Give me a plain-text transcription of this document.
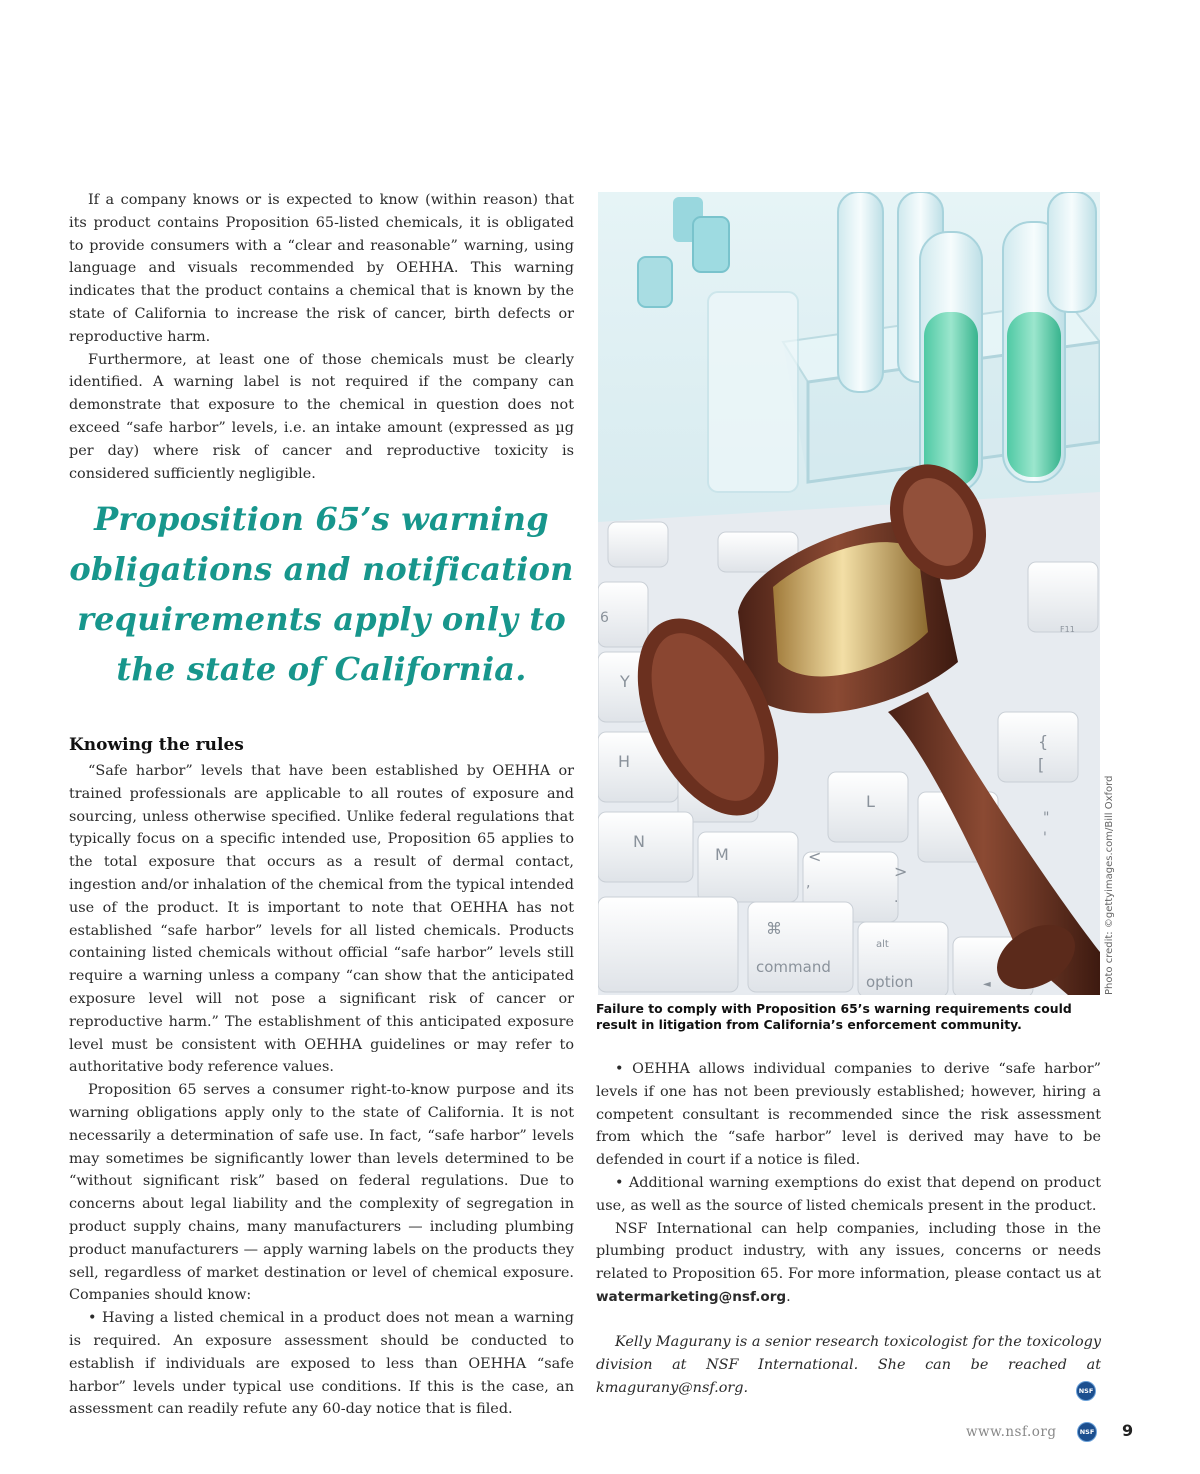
If a company knows or is expected to know (within reason) that its product contains Proposition 65-listed chemicals, it is obligated to provide consumers with a “clear and reasonable” warning, using language and visuals recommended by OEHHA. This warning indicates that the product contains a chemical that is known by the state of California to increase the risk of cancer, birth defects or reproductive harm.

Furthermore, at least one of those chemicals must be clearly identified. A warning label is not required if the company can demonstrate that exposure to the chemical in question does not exceed “safe harbor” levels, i.e. an intake amount (expressed as µg per day) where risk of cancer and reproductive toxicity is considered sufficiently negligible.

Proposition 65’s warning obligations and notification requirements apply only to the state of California.
Knowing the rules

“Safe harbor” levels that have been established by OEHHA or trained professionals are applicable to all routes of exposure and sourcing, unless otherwise specified. Unlike federal regulations that typically focus on a specific intended use, Proposition 65 applies to the total exposure that occurs as a result of dermal contact, ingestion and/or inhalation of the chemical from the typical intended use of the product. It is important to note that OEHHA has not established “safe harbor” levels for all listed chemicals. Products containing listed chemicals without official “safe harbor” levels still require a warning unless a company “can show that the anticipated exposure level will not pose a significant risk of cancer or reproductive harm.” The establishment of this anticipated exposure level must be consistent with OEHHA guidelines or may refer to authoritative body reference values.

Proposition 65 serves a consumer right-to-know purpose and its warning obligations apply only to the state of California. It is not necessarily a determination of safe use. In fact, “safe harbor” levels may sometimes be significantly lower than levels determined to be “without significant risk” based on federal regulations. Due to concerns about legal liability and the complexity of segregation in product supply chains, many manufacturers — including plumbing product manufacturers — apply warning labels on the products they sell, regardless of market destination or level of chemical exposure. Companies should know:

• Having a listed chemical in a product does not mean a warning is required. An exposure assessment should be conducted to establish if individuals are exposed to less than OEHHA “safe harbor” levels under typical use conditions. If this is the case, an assessment can readily refute any 60-day notice that is filed.

Y
6
H
L
N
M	<
,
>
.
"
'
{
[
F11
⌘
command
alt
option	◄	Photo credit: ©gettyimages.com/Bill Oxford
Failure to comply with Proposition 65’s warning requirements could result in litigation from California’s enforcement community.

• OEHHA allows individual companies to derive “safe harbor” levels if one has not been previously established; however, hiring a competent consultant is recommended since the risk assessment from which the “safe harbor” level is derived may have to be defended in court if a notice is filed.

• Additional warning exemptions do exist that depend on product use, as well as the source of listed chemicals present in the product.

NSF International can help companies, including those in the plumbing product industry, with any issues, concerns or needs related to Proposition 65. For more information, please contact us at watermarketing@nsf.org.

Kelly Magurany is a senior research toxicologist for the toxicology division at NSF International. She can be reached at kmagurany@nsf.org.	NSF
www.nsf.org	NSF 9
